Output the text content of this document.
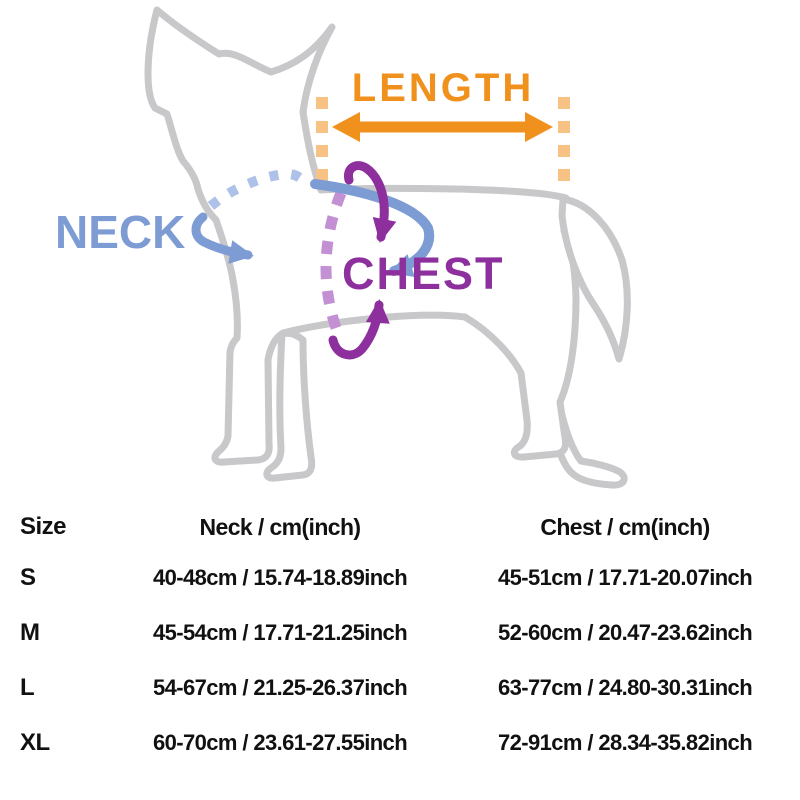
LENGTH
NECK
CHEST
Size	Neck / cm(inch)	Chest / cm(inch)
S	40-48cm / 15.74-18.89inch	45-51cm / 17.71-20.07inch
M	45-54cm / 17.71-21.25inch	52-60cm / 20.47-23.62inch
L	54-67cm / 21.25-26.37inch	63-77cm / 24.80-30.31inch
XL	60-70cm / 23.61-27.55inch	72-91cm / 28.34-35.82inch
